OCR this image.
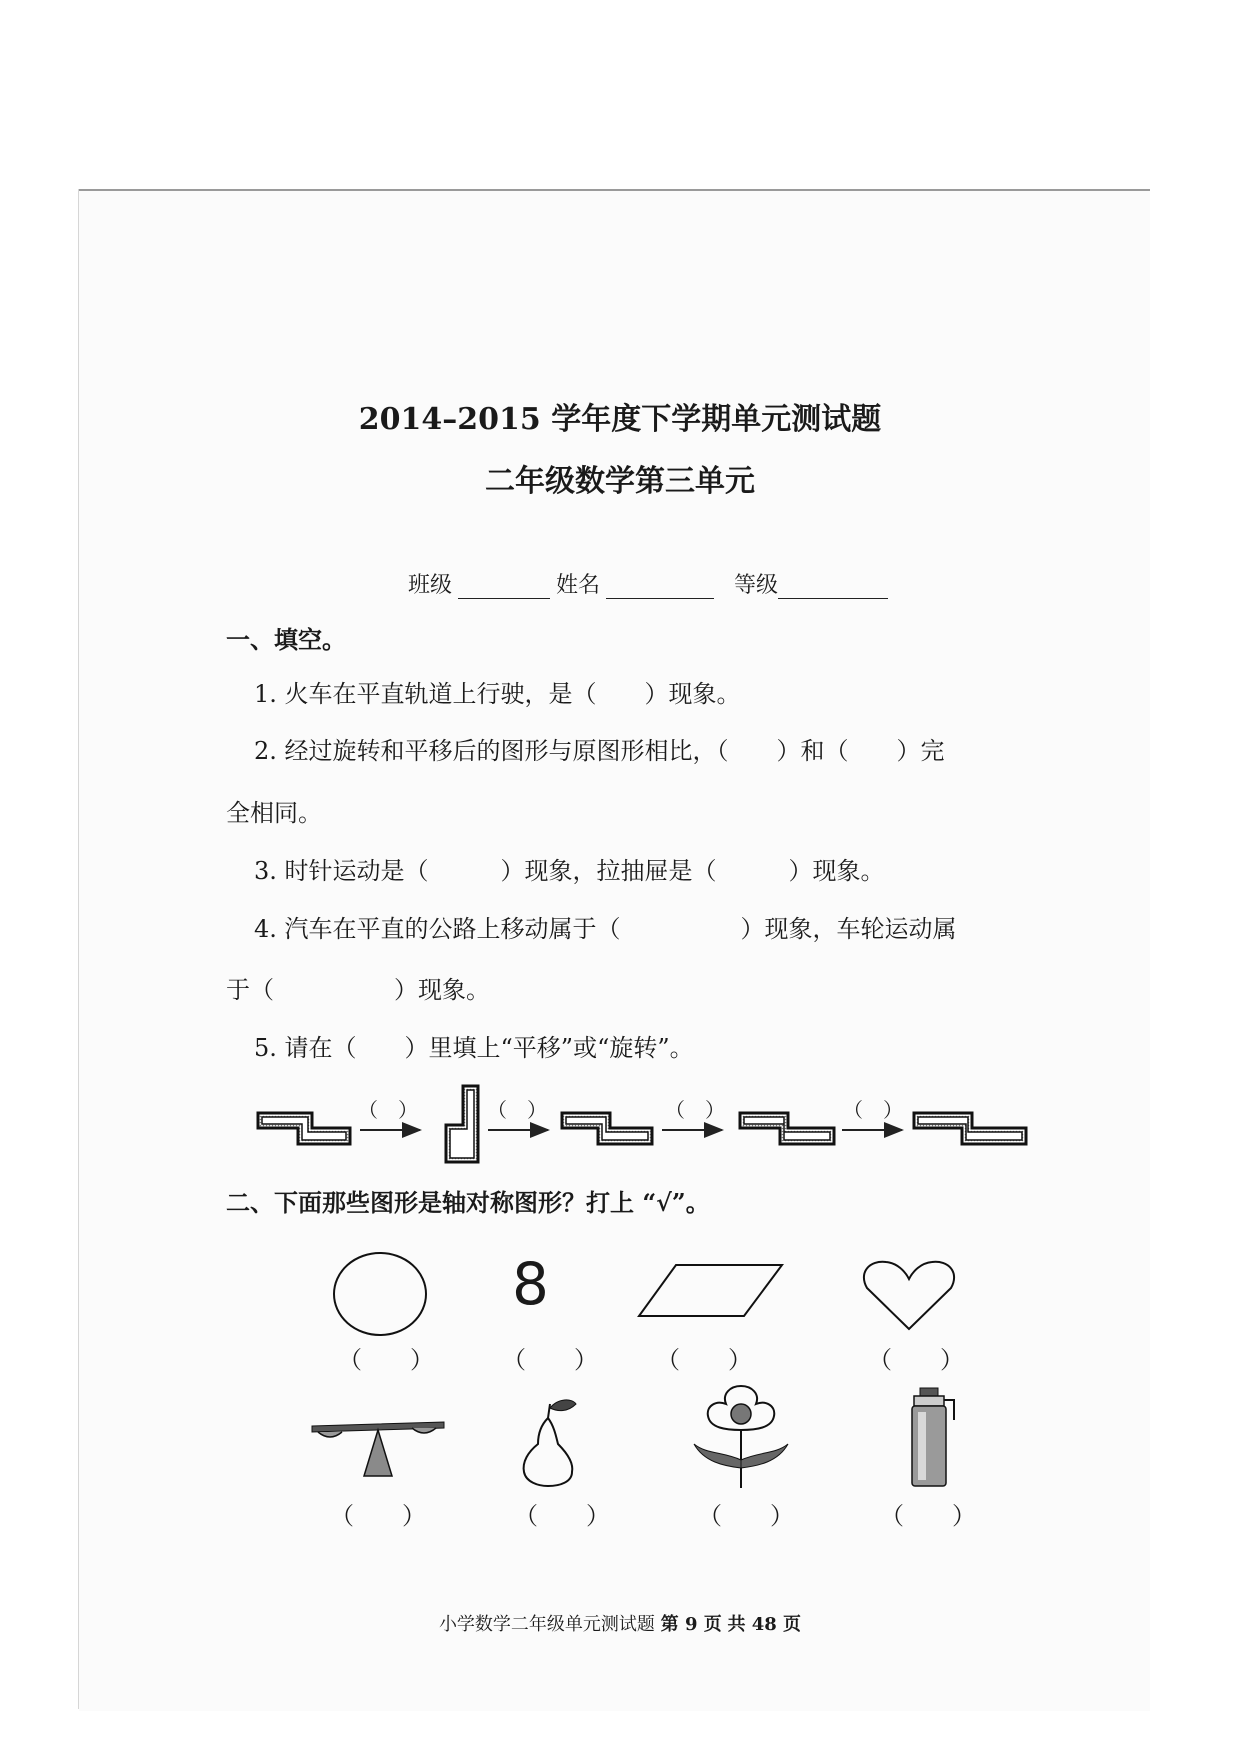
2014–2015 学年度下学期单元测试题
二年级数学第三单元
班级	姓名	等级
一、填空。
1. 火车在平直轨道上行驶，是（　　）现象。
2. 经过旋转和平移后的图形与原图形相比，（　　）和（　　）完
全相同。
3. 时针运动是（　　　）现象，拉抽屉是（　　　）现象。
4. 汽车在平直的公路上移动属于（　　　　　）现象，车轮运动属
于（　　　　　）现象。
5. 请在（　　）里填上“平移”或“旋转”。
（　）	（　）	（　）	（　）
二、下面那些图形是轴对称图形？打上 “√”。
8
（　　）	（　　） （　　）	（　　）
（　　）	（　　）	（　　）	（　　）
小学数学二年级单元测试题 第 9 页 共 48 页
